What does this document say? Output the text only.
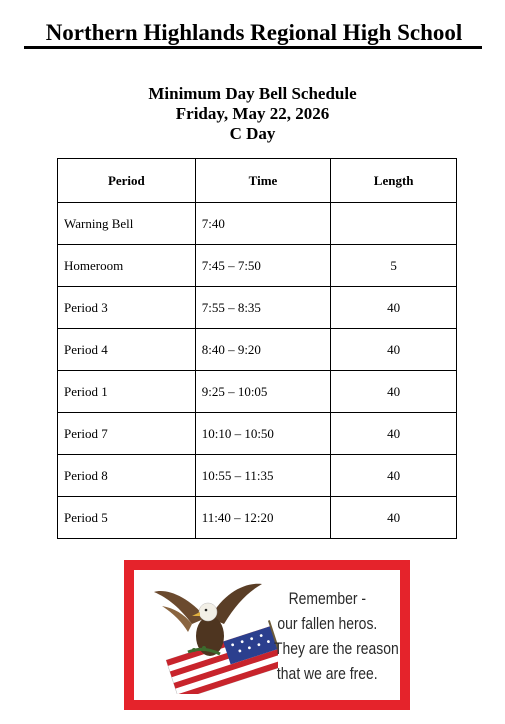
Northern Highlands Regional High School
Minimum Day Bell Schedule
Friday, May 22, 2026
C Day
Period	Time	Length
Warning Bell	7:40	
Homeroom	7:45 – 7:50	5
Period 3	7:55 – 8:35	40
Period 4	8:40 – 9:20	40
Period 1	9:25 – 10:05	40
Period 7	10:10 – 10:50	40
Period 8	10:55 – 11:35	40
Period 5	11:40 – 12:20	40
Remember -
our fallen heros.
They are the reason
that we are free.
